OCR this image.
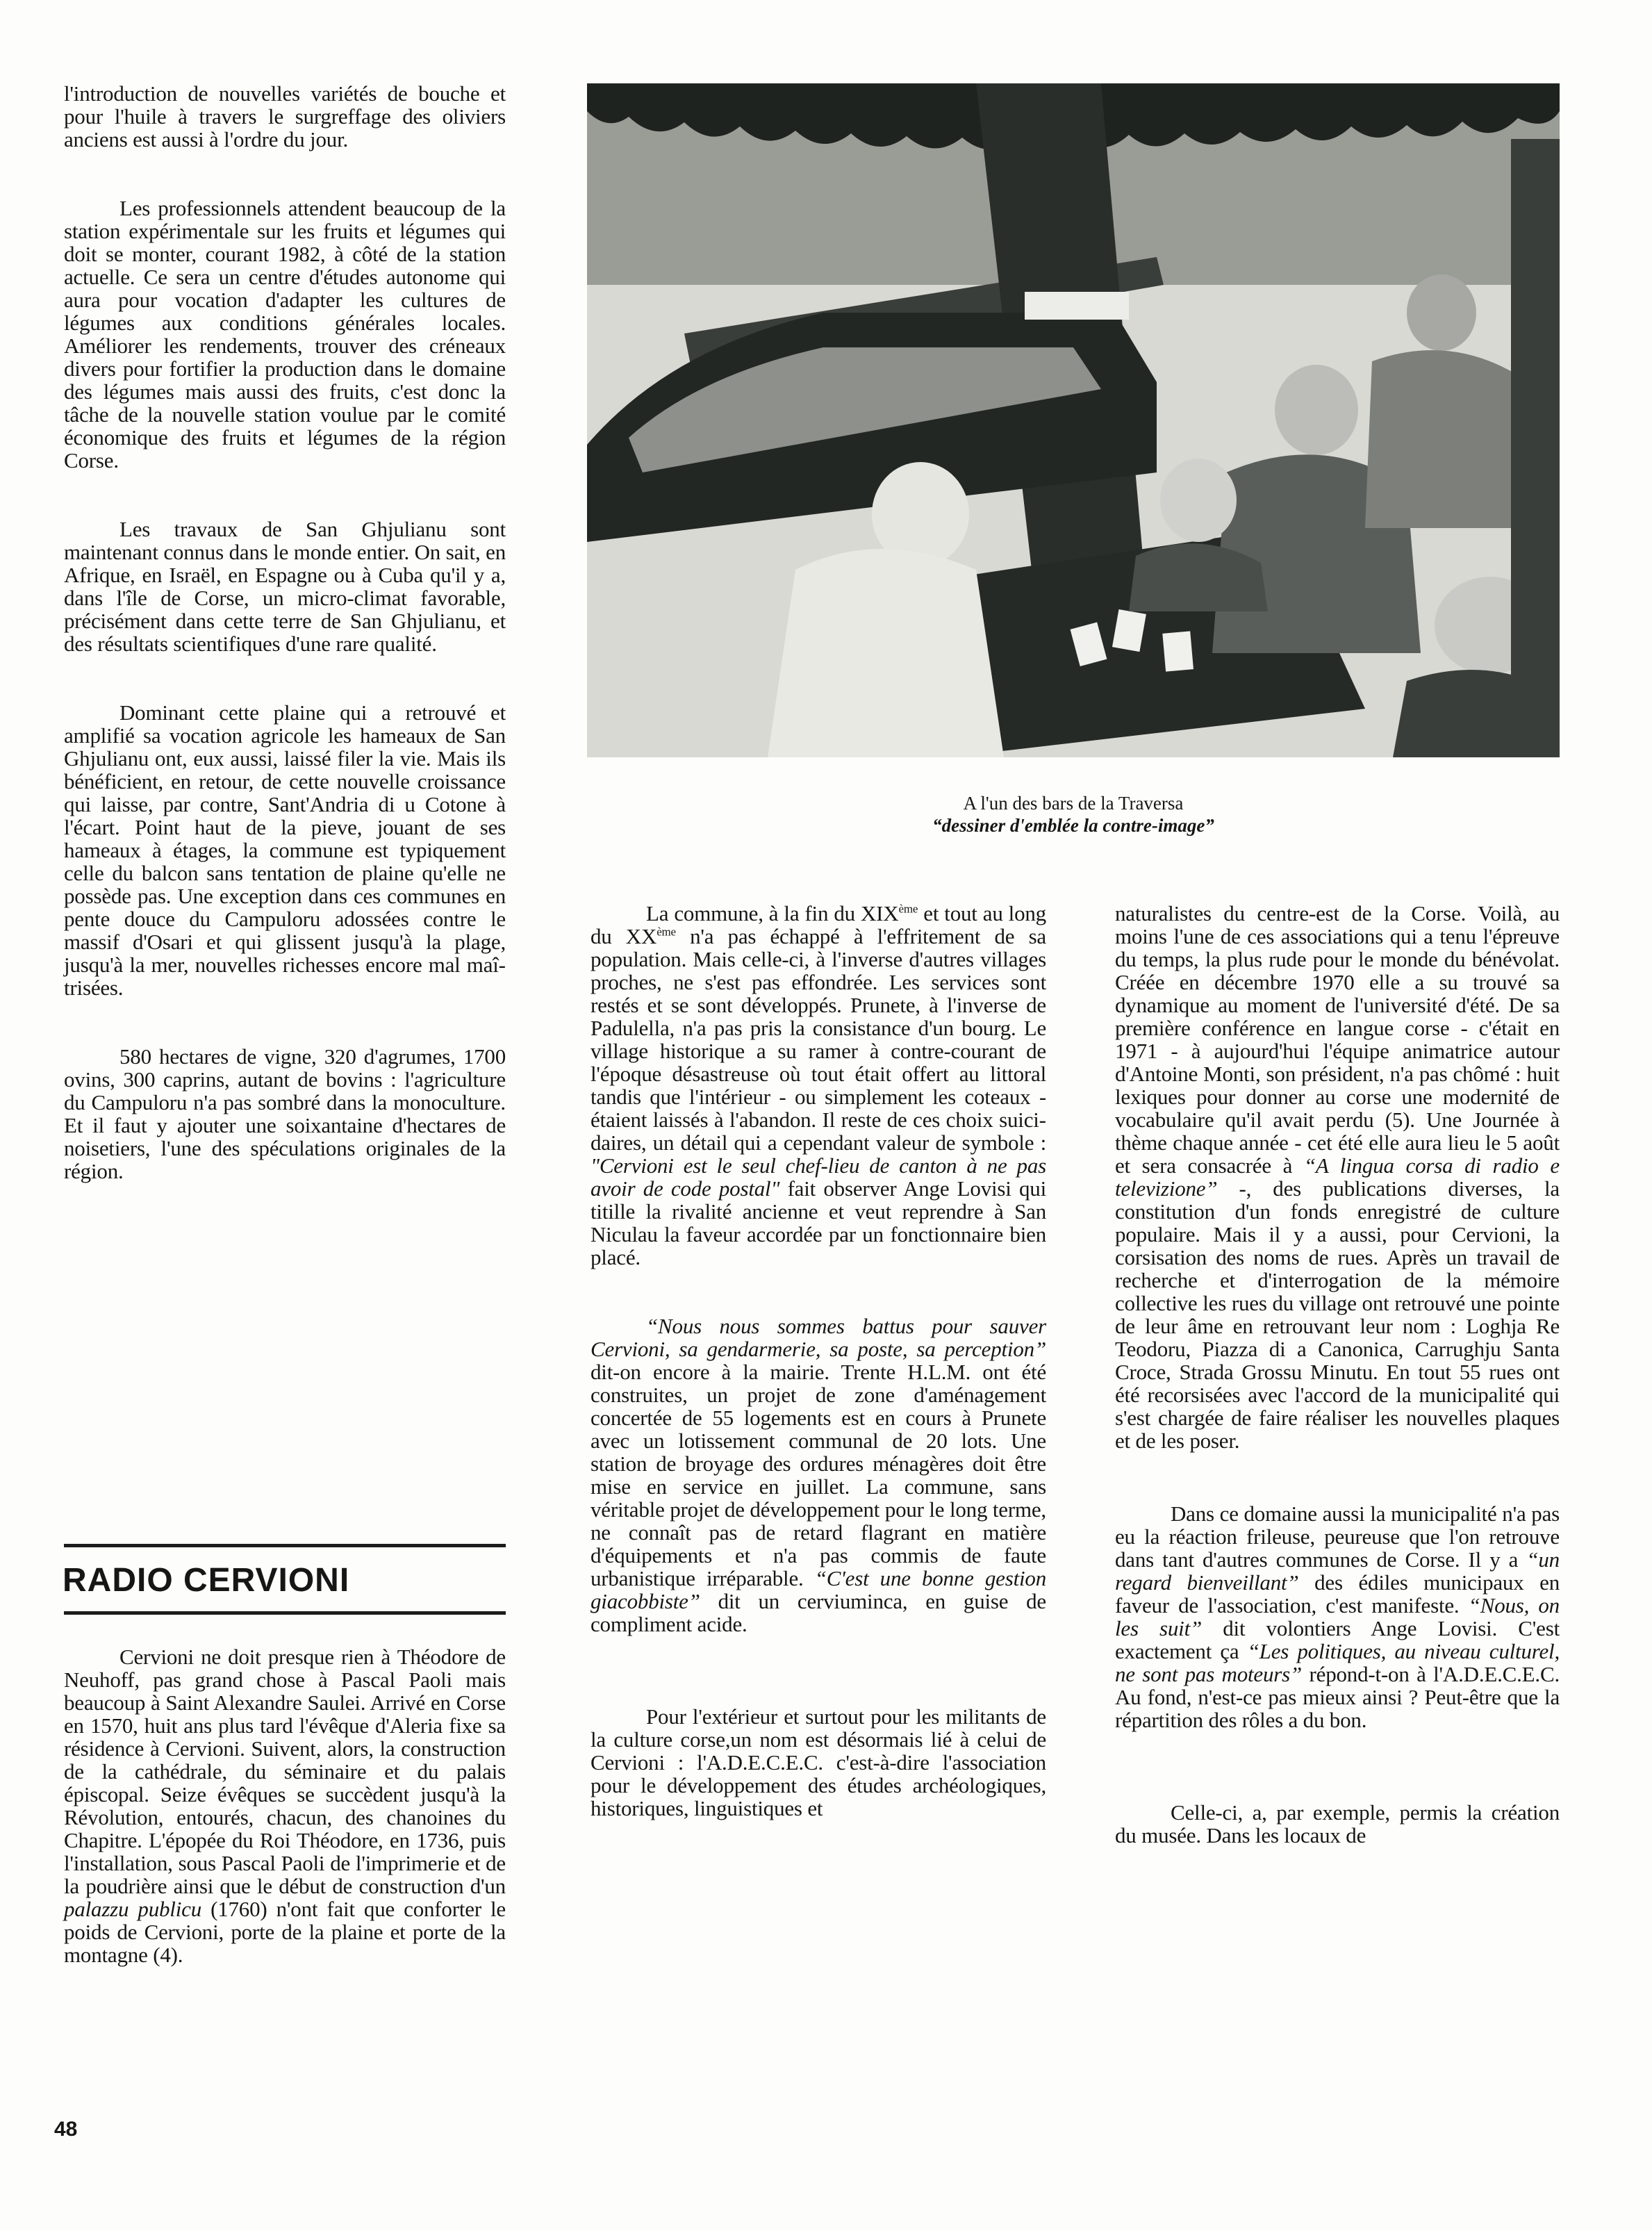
l'introduction de nouvelles variétés de bouche et pour l'huile à travers le surgreffage des oliviers anciens est aussi à l'ordre du jour.

Les professionnels attendent beaucoup de la station expérimentale sur les fruits et légumes qui doit se monter, courant 1982, à côté de la station actuelle. Ce sera un centre d'études autonome qui aura pour vocation d'adapter les cultures de légumes aux conditions générales locales. Améliorer les rendements, trouver des créneaux divers pour fortifier la production dans le domaine des légumes mais aussi des fruits, c'est donc la tâche de la nouvelle station voulue par le comité économique des fruits et légumes de la région Corse.

Les travaux de San Ghjulianu sont maintenant connus dans le monde entier. On sait, en Afrique, en Israël, en Espagne ou à Cuba qu'il y a, dans l'île de Corse, un micro-climat favorable, précisément dans cette terre de San Ghjulianu, et des résultats scientifiques d'une rare qualité.

Dominant cette plaine qui a retrouvé et amplifié sa vocation agricole les hameaux de San Ghjulianu ont, eux aussi, laissé filer la vie. Mais ils bénéficient, en retour, de cette nouvelle croissance qui laisse, par contre, Sant'Andria di u Cotone à l'écart. Point haut de la pieve, jouant de ses hameaux à étages, la commune est typiquement celle du balcon sans tentation de plaine qu'elle ne possède pas. Une exception dans ces communes en pente douce du Campuloru adossées contre le massif d'Osari et qui glissent jusqu'à la plage, jusqu'à la mer, nouvelles richesses encore mal maîtrisées.

580 hectares de vigne, 320 d'agrumes, 1700 ovins, 300 caprins, autant de bovins : l'agriculture du Campuloru n'a pas sombré dans la monoculture. Et il faut y ajouter une soixantaine d'hectares de noisetiers, l'une des spéculations originales de la région.

RADIO CERVIONI

Cervioni ne doit presque rien à Théodore de Neuhoff, pas grand chose à Pascal Paoli mais beaucoup à Saint Alexandre Saulei. Arrivé en Corse en 1570, huit ans plus tard l'évêque d'Aleria fixe sa résidence à Cervioni. Suivent, alors, la construction de la cathédrale, du séminaire et du palais épiscopal. Seize évêques se succèdent jusqu'à la Révolution, entourés, chacun, des chanoines du Chapitre. L'épopée du Roi Théodore, en 1736, puis l'installation, sous Pascal Paoli de l'imprimerie et de la poudrière ainsi que le début de construction d'un palazzu publicu (1760) n'ont fait que conforter le poids de Cervioni, porte de la plaine et porte de la montagne (4).

A l'un des bars de la Traversa
“dessiner d'emblée la contre-image”

La commune, à la fin du XIXème et tout au long du XXème n'a pas échappé à l'effritement de sa population. Mais celle-ci, à l'inverse d'autres villages proches, ne s'est pas effondrée. Les services sont restés et se sont développés. Prunete, à l'inverse de Padulella, n'a pas pris la consistance d'un bourg. Le village historique a su ramer à contre-courant de l'époque désastreuse où tout était offert au littoral tandis que l'intérieur - ou simplement les coteaux - étaient laissés à l'abandon. Il reste de ces choix suicidaires, un détail qui a cependant valeur de symbole : "Cervioni est le seul chef-lieu de canton à ne pas avoir de code postal" fait observer Ange Lovisi qui titille la rivalité ancienne et veut reprendre à San Niculau la faveur accordée par un fonctionnaire bien placé.

“Nous nous sommes battus pour sauver Cervioni, sa gendarmerie, sa poste, sa perception” dit-on encore à la mairie. Trente H.L.M. ont été construites, un projet de zone d'aménagement concertée de 55 logements est en cours à Prunete avec un lotissement communal de 20 lots. Une station de broyage des ordures ménagères doit être mise en service en juillet. La commune, sans véritable projet de développement pour le long terme, ne connaît pas de retard flagrant en matière d'équipements et n'a pas commis de faute urbanistique irréparable. “C'est une bonne gestion giacobbiste” dit un cerviuminca, en guise de compliment acide.

Pour l'extérieur et surtout pour les militants de la culture corse,un nom est désormais lié à celui de Cervioni : l'A.D.E.C.E.C. c'est-à-dire l'association pour le développement des études archéologiques, historiques, linguistiques et

naturalistes du centre-est de la Corse. Voilà, au moins l'une de ces associations qui a tenu l'épreuve du temps, la plus rude pour le monde du bénévolat. Créée en décembre 1970 elle a su trouvé sa dynamique au moment de l'université d'été. De sa première conférence en langue corse - c'était en 1971 - à aujourd'hui l'équipe animatrice autour d'Antoine Monti, son président, n'a pas chômé : huit lexiques pour donner au corse une modernité de vocabulaire qu'il avait perdu (5). Une Journée à thème chaque année - cet été elle aura lieu le 5 août et sera consacrée à “A lingua corsa di radio e televizione” -, des publications diverses, la constitution d'un fonds enregistré de culture populaire. Mais il y a aussi, pour Cervioni, la corsisation des noms de rues. Après un travail de recherche et d'interrogation de la mémoire collective les rues du village ont retrouvé une pointe de leur âme en retrouvant leur nom : Loghja Re Teodoru, Piazza di a Canonica, Carrughju Santa Croce, Strada Grossu Minutu. En tout 55 rues ont été recorsisées avec l'accord de la municipalité qui s'est chargée de faire réaliser les nouvelles plaques et de les poser.

Dans ce domaine aussi la municipalité n'a pas eu la réaction frileuse, peureuse que l'on retrouve dans tant d'autres communes de Corse. Il y a “un regard bienveillant” des édiles municipaux en faveur de l'association, c'est manifeste. “Nous, on les suit” dit volontiers Ange Lovisi. C'est exactement ça “Les politiques, au niveau culturel, ne sont pas moteurs” répond-t-on à l'A.D.E.C.E.C. Au fond, n'est-ce pas mieux ainsi ? Peut-être que la répartition des rôles a du bon.

Celle-ci, a, par exemple, permis la création du musée. Dans les locaux de

48
